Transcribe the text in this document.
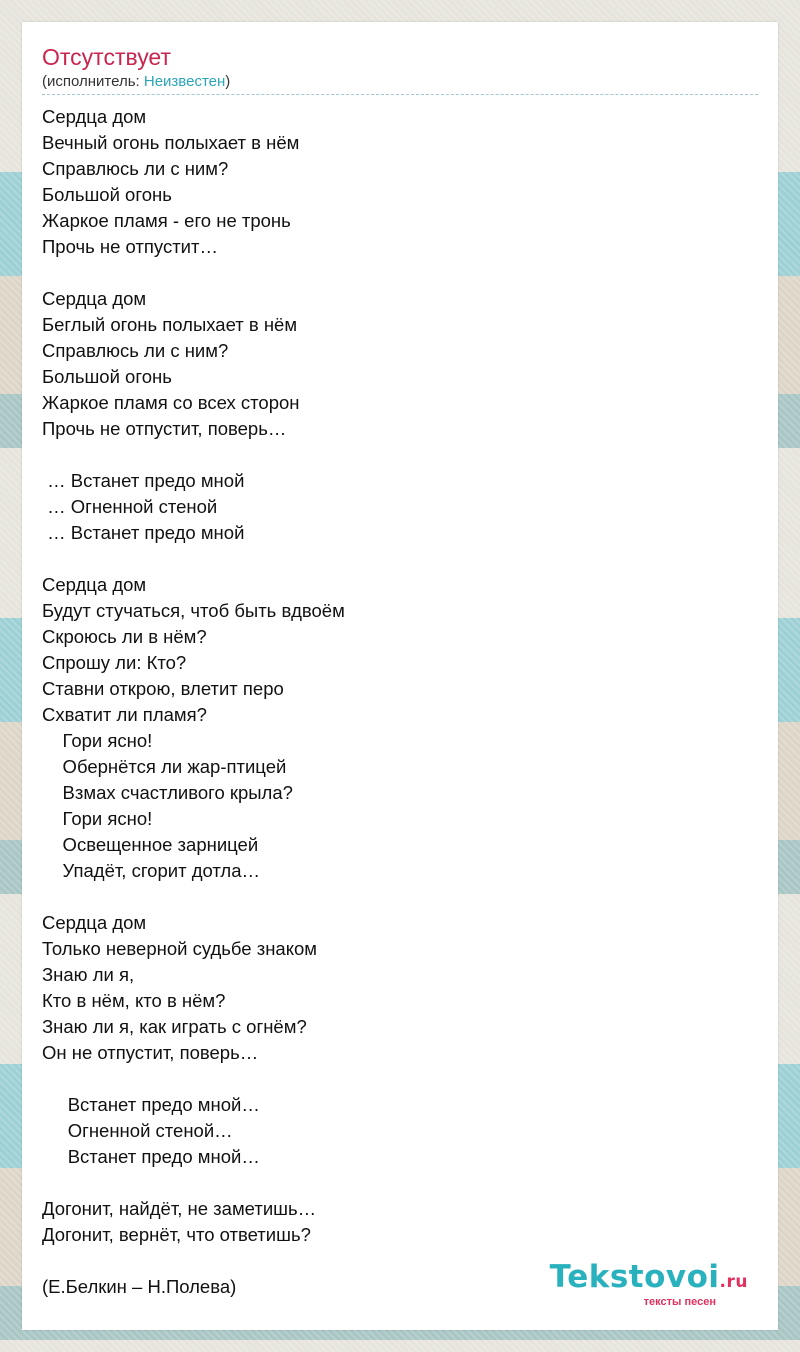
Отсутствует
(исполнитель: Неизвестен)
Сердца дом
Вечный огонь полыхает в нём
Справлюсь ли с ним?
Большой огонь
Жаркое пламя - его не тронь
Прочь не отпустит…
Сердца дом
Беглый огонь полыхает в нём
Справлюсь ли с ним?
Большой огонь
Жаркое пламя со всех сторон
Прочь не отпустит, поверь…
… Встанет предо мной
… Огненной стеной
… Встанет предо мной
Сердца дом
Будут стучаться, чтоб быть вдвоём
Скроюсь ли в нём?
Спрошу ли: Кто?
Ставни открою, влетит перо
Схватит ли пламя?
Гори ясно!
Обернётся ли жар-птицей
Взмах счастливого крыла?
Гори ясно!
Освещенное зарницей
Упадёт, сгорит дотла…
Сердца дом
Только неверной судьбе знаком
Знаю ли я,
Кто в нём, кто в нём?
Знаю ли я, как играть с огнём?
Он не отпустит, поверь…
Встанет предо мной…
Огненной стеной…
Встанет предо мной…
Догонит, найдёт, не заметишь…
Догонит, вернёт, что ответишь?
(Е.Белкин – Н.Полева)	Tekstovoi.ru
тексты песен
